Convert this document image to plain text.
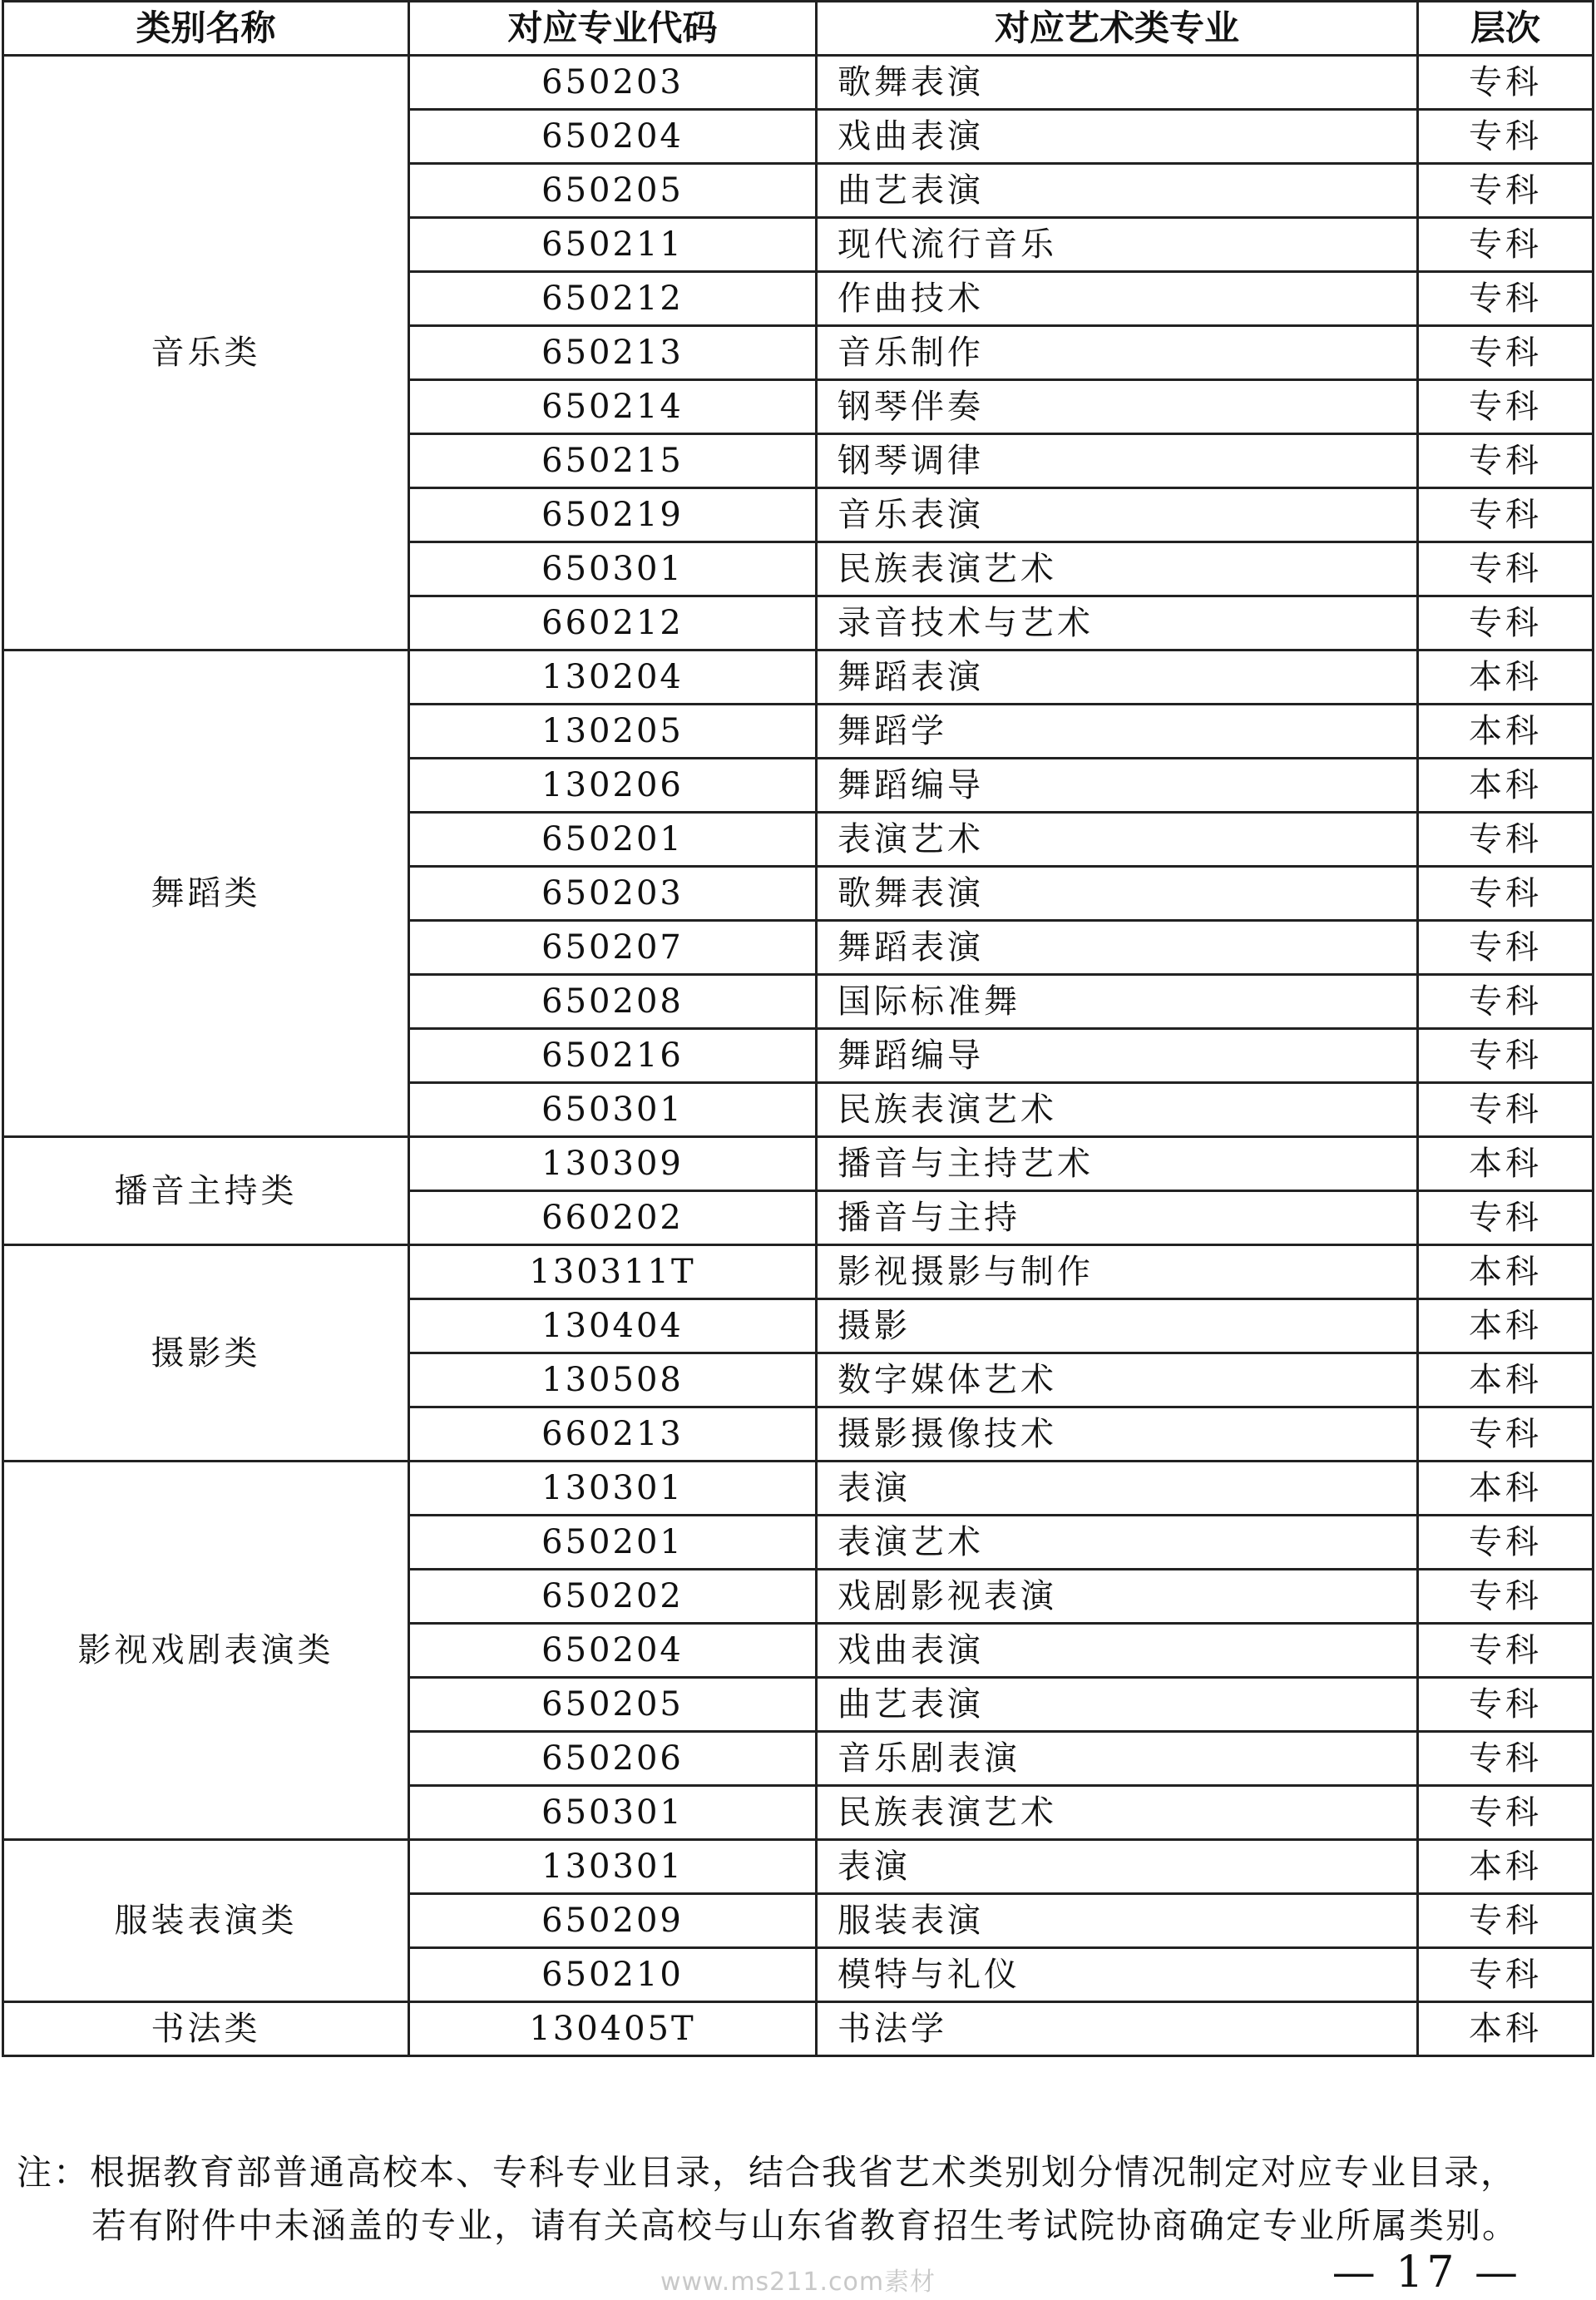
类别名称	对应专业代码	对应艺术类专业	层次
音乐类	650203	歌舞表演	专科
	650204	戏曲表演	专科
	650205	曲艺表演	专科
	650211	现代流行音乐	专科
	650212	作曲技术	专科
	650213	音乐制作	专科
	650214	钢琴伴奏	专科
	650215	钢琴调律	专科
	650219	音乐表演	专科
	650301	民族表演艺术	专科
	660212	录音技术与艺术	专科
舞蹈类	130204	舞蹈表演	本科
	130205	舞蹈学	本科
	130206	舞蹈编导	本科
	650201	表演艺术	专科
	650203	歌舞表演	专科
	650207	舞蹈表演	专科
	650208	国际标准舞	专科
	650216	舞蹈编导	专科
	650301	民族表演艺术	专科
播音主持类	130309	播音与主持艺术	本科
	660202	播音与主持	专科
摄影类	130311T	影视摄影与制作	本科
	130404	摄影	本科
	130508	数字媒体艺术	本科
	660213	摄影摄像技术	专科
影视戏剧表演类	130301	表演	本科
	650201	表演艺术	专科
	650202	戏剧影视表演	专科
	650204	戏曲表演	专科
	650205	曲艺表演	专科
	650206	音乐剧表演	专科
	650301	民族表演艺术	专科
服装表演类	130301	表演	本科
	650209	服装表演	专科
	650210	模特与礼仪	专科
书法类	130405T	书法学	本科

注：根据教育部普通高校本、专科专业目录，结合我省艺术类别划分情况制定对应专业目录，

若有附件中未涵盖的专业，请有关高校与山东省教育招生考试院协商确定专业所属类别。

www.ms211.com素材	— 17 —
